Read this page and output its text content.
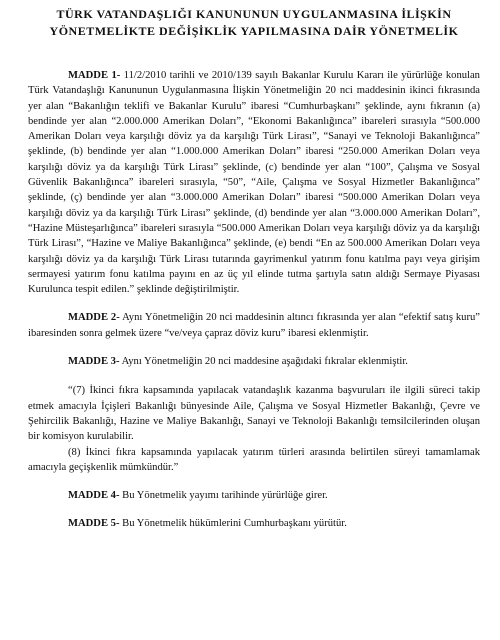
TÜRK VATANDAŞLIĞI KANUNUNUN UYGULANMASINA İLİŞKİN
YÖNETMELİKTE DEĞİŞİKLİK YAPILMASINA DAİR YÖNETMELİK

MADDE 1- 11/2/2010 tarihli ve 2010/139 sayılı Bakanlar Kurulu Kararı ile yürürlüğe konulan Türk Vatandaşlığı Kanununun Uygulanmasına İlişkin Yönetmeliğin 20 nci maddesinin ikinci fıkrasında yer alan “Bakanlığın teklifi ve Bakanlar Kurulu” ibaresi “Cumhurbaşkanı” şeklinde, aynı fıkranın (a) bendinde yer alan “2.000.000 Amerikan Doları”, “Ekonomi Bakanlığınca” ibareleri sırasıyla “500.000 Amerikan Doları veya karşılığı döviz ya da karşılığı Türk Lirası”, “Sanayi ve Teknoloji Bakanlığınca” şeklinde, (b) bendinde yer alan “1.000.000 Amerikan Doları” ibaresi “250.000 Amerikan Doları veya karşılığı döviz ya da karşılığı Türk Lirası” şeklinde, (c) bendinde yer alan “100”, Çalışma ve Sosyal Güvenlik Bakanlığınca” ibareleri sırasıyla, “50”, “Aile, Çalışma ve Sosyal Hizmetler Bakanlığınca” şeklinde, (ç) bendinde yer alan “3.000.000 Amerikan Doları” ibaresi “500.000 Amerikan Doları veya karşılığı döviz ya da karşılığı Türk Lirası” şeklinde, (d) bendinde yer alan “3.000.000 Amerikan Doları”, “Hazine Müsteşarlığınca” ibareleri sırasıyla “500.000 Amerikan Doları veya karşılığı döviz ya da karşılığı Türk Lirası”, “Hazine ve Maliye Bakanlığınca” şeklinde, (e) bendi “En az 500.000 Amerikan Doları veya karşılığı döviz ya da karşılığı Türk Lirası tutarında gayrimenkul yatırım fonu katılma payı veya girişim sermayesi yatırım fonu katılma payını en az üç yıl elinde tutma şartıyla satın aldığı Sermaye Piyasası Kurulunca tespit edilen.” şeklinde değiştirilmiştir.

MADDE 2- Aynı Yönetmeliğin 20 nci maddesinin altıncı fıkrasında yer alan “efektif satış kuru” ibaresinden sonra gelmek üzere “ve/veya çapraz döviz kuru” ibaresi eklenmiştir.

MADDE 3- Aynı Yönetmeliğin 20 nci maddesine aşağıdaki fıkralar eklenmiştir.

“(7) İkinci fıkra kapsamında yapılacak vatandaşlık kazanma başvuruları ile ilgili süreci takip etmek amacıyla İçişleri Bakanlığı bünyesinde Aile, Çalışma ve Sosyal Hizmetler Bakanlığı, Çevre ve Şehircilik Bakanlığı, Hazine ve Maliye Bakanlığı, Sanayi ve Teknoloji Bakanlığı temsilcilerinden oluşan bir komisyon kurulabilir.

(8) İkinci fıkra kapsamında yapılacak yatırım türleri arasında belirtilen süreyi tamamlamak amacıyla geçişkenlik mümkündür.”

MADDE 4- Bu Yönetmelik yayımı tarihinde yürürlüğe girer.

MADDE 5- Bu Yönetmelik hükümlerini Cumhurbaşkanı yürütür.
